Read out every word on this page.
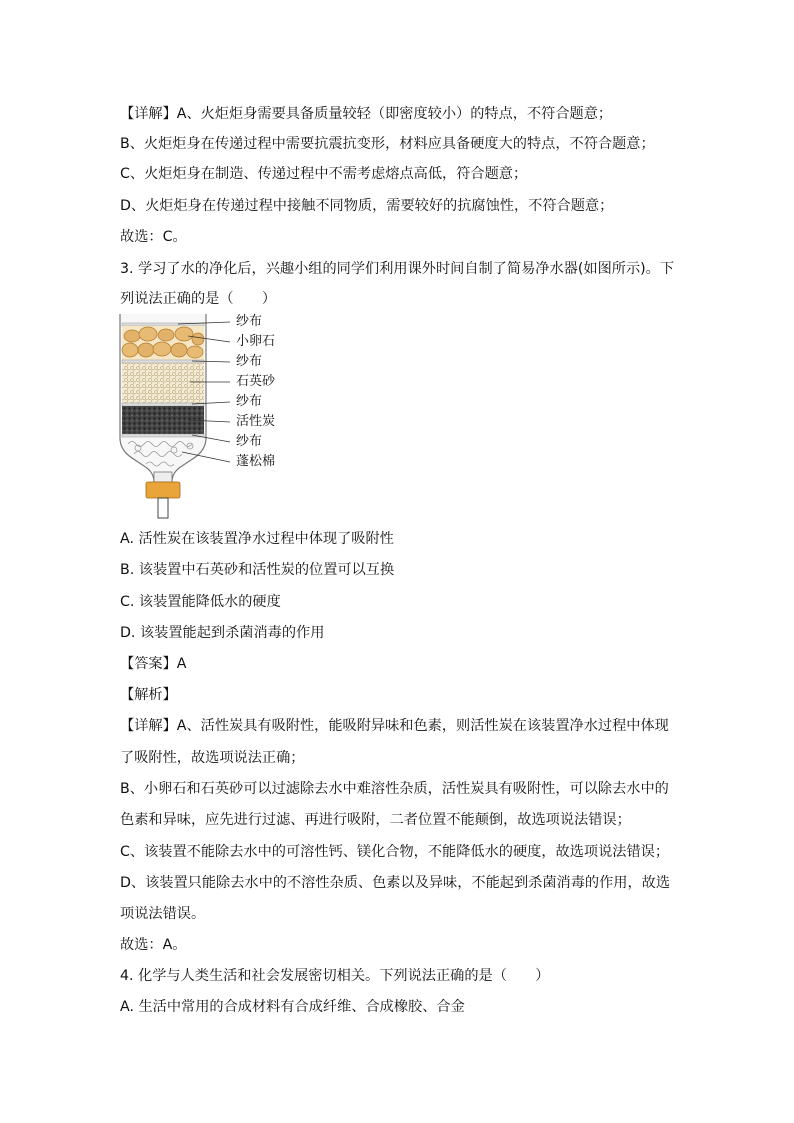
【详解】A、火炬炬身需要具备质量较轻（即密度较小）的特点，不符合题意；
B、火炬炬身在传递过程中需要抗震抗变形，材料应具备硬度大的特点，不符合题意；
C、火炬炬身在制造、传递过程中不需考虑熔点高低，符合题意；
D、火炬炬身在传递过程中接触不同物质，需要较好的抗腐蚀性，不符合题意；
故选：C。
3. 学习了水的净化后，兴趣小组的同学们利用课外时间自制了简易净水器(如图所示)。下
列说法正确的是（　　）
纱布
小卵石
纱布
石英砂
纱布
活性炭
纱布
蓬松棉
A. 活性炭在该装置净水过程中体现了吸附性
B. 该装置中石英砂和活性炭的位置可以互换
C. 该装置能降低水的硬度
D. 该装置能起到杀菌消毒的作用
【答案】A
【解析】
【详解】A、活性炭具有吸附性，能吸附异味和色素，则活性炭在该装置净水过程中体现
了吸附性，故选项说法正确；
B、小卵石和石英砂可以过滤除去水中难溶性杂质，活性炭具有吸附性，可以除去水中的
色素和异味，应先进行过滤、再进行吸附，二者位置不能颠倒，故选项说法错误；
C、该装置不能除去水中的可溶性钙、镁化合物，不能降低水的硬度，故选项说法错误；
D、该装置只能除去水中的不溶性杂质、色素以及异味，不能起到杀菌消毒的作用，故选
项说法错误。
故选：A。
4. 化学与人类生活和社会发展密切相关。下列说法正确的是（　　）
A. 生活中常用的合成材料有合成纤维、合成橡胶、合金
